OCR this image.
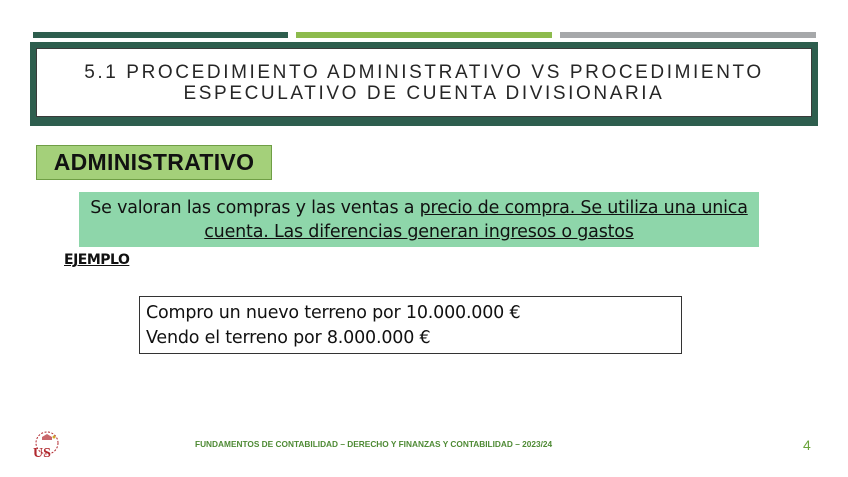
5.1 PROCEDIMIENTO ADMINISTRATIVO VS PROCEDIMIENTO
ESPECULATIVO DE CUENTA DIVISIONARIA
ADMINISTRATIVO
Se valoran las compras y las ventas a precio de compra. Se utiliza una unica cuenta. Las diferencias generan ingresos o gastos
EJEMPLO
Compro un nuevo terreno por 10.000.000 €
Vendo el terreno por 8.000.000 €
US
FUNDAMENTOS DE CONTABILIDAD – DERECHO Y FINANZAS Y CONTABILIDAD – 2023/24	4
